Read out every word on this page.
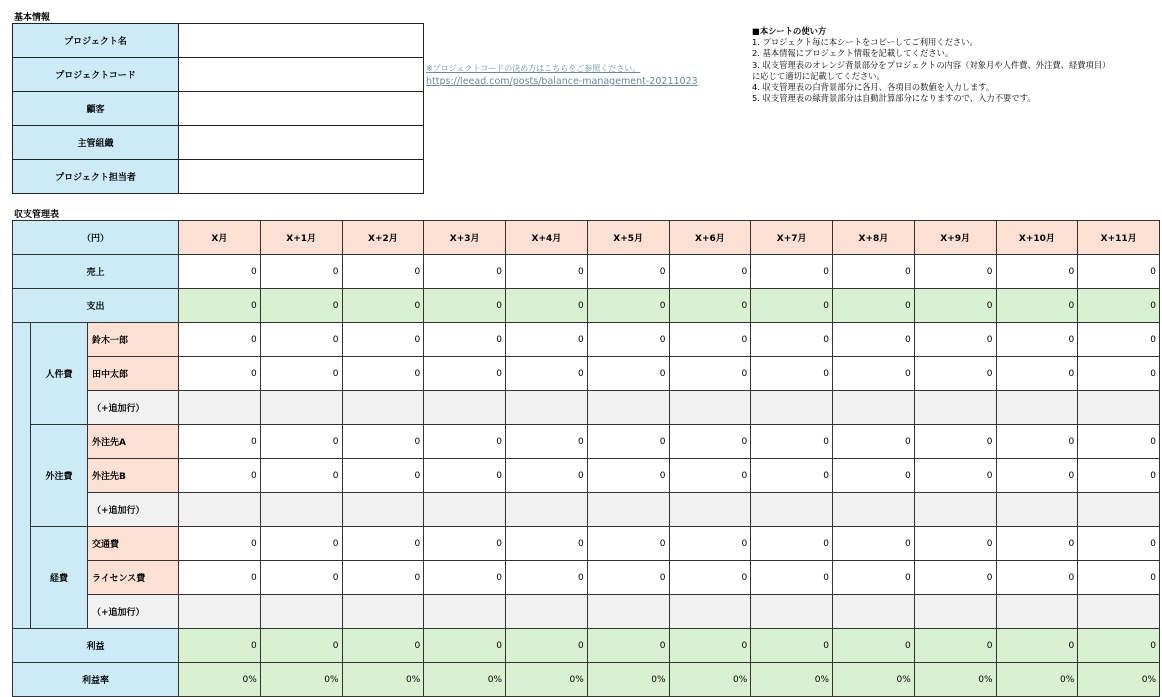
基本情報
プロジェクト名	
プロジェクトコード	
顧客	
主管組織	
プロジェクト担当者	
※プロジェクトコードの決め方はこちらをご参照ください。
https://leead.com/posts/balance-management-20211023
■本シートの使い方
1. プロジェクト毎に本シートをコピーしてご利用ください。
2. 基本情報にプロジェクト情報を記載してください。
3. 収支管理表のオレンジ背景部分をプロジェクトの内容（対象月や人件費、外注費、経費項目）
に応じて適切に記載してください。
4. 収支管理表の白背景部分に各月、各項目の数値を入力します。
5. 収支管理表の緑背景部分は自動計算部分になりますので、入力不要です。
収支管理表
（円）			X月	X+1月	X+2月	X+3月	X+4月	X+5月	X+6月	X+7月	X+8月	X+9月	X+10月	X+11月
売上			0	0	0	0	0	0	0	0	0	0	0	0
支出			0	0	0	0	0	0	0	0	0	0	0	0
	人件費	鈴木一郎	0	0	0	0	0	0	0	0	0	0	0	0
		田中太郎	0	0	0	0	0	0	0	0	0	0	0	0
		（+追加行）												
	外注費	外注先A	0	0	0	0	0	0	0	0	0	0	0	0
		外注先B	0	0	0	0	0	0	0	0	0	0	0	0
		（+追加行）												
	経費	交通費	0	0	0	0	0	0	0	0	0	0	0	0
		ライセンス費	0	0	0	0	0	0	0	0	0	0	0	0
		（+追加行）												
利益			0	0	0	0	0	0	0	0	0	0	0	0
利益率			0%	0%	0%	0%	0%	0%	0%	0%	0%	0%	0%	0%
